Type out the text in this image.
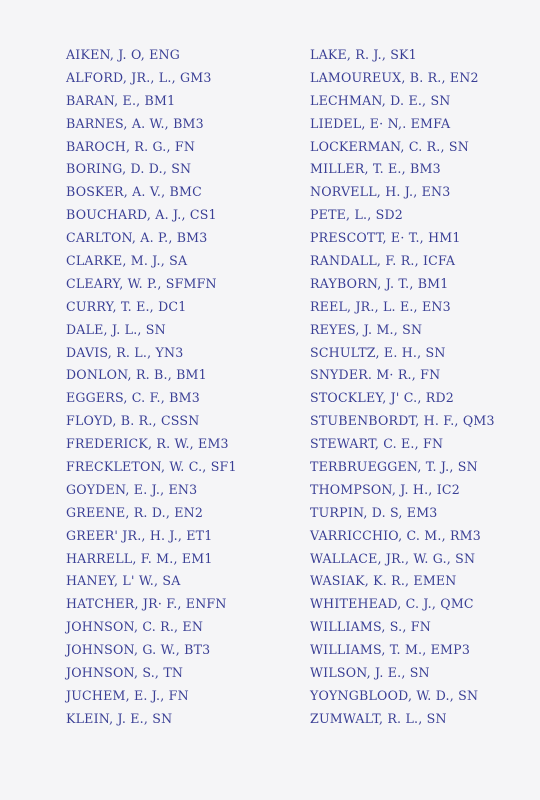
AIKEN, J. O, ENG
ALFORD, JR., L., GM3
BARAN, E., BM1
BARNES, A. W., BM3
BAROCH, R. G., FN
BORING, D. D., SN
BOSKER, A. V., BMC
BOUCHARD, A. J., CS1
CARLTON, A. P., BM3
CLARKE, M. J., SA
CLEARY, W. P., SFMFN
CURRY, T. E., DC1
DALE, J. L., SN
DAVIS, R. L., YN3
DONLON, R. B., BM1
EGGERS, C. F., BM3
FLOYD, B. R., CSSN
FREDERICK, R. W., EM3
FRECKLETON, W. C., SF1
GOYDEN, E. J., EN3
GREENE, R. D., EN2
GREER' JR., H. J., ET1
HARRELL, F. M., EM1
HANEY, L' W., SA
HATCHER, JR· F., ENFN
JOHNSON, C. R., EN
JOHNSON, G. W., BT3
JOHNSON, S., TN
JUCHEM, E. J., FN
KLEIN, J. E., SN
LAKE, R. J., SK1
LAMOUREUX, B. R., EN2
LECHMAN, D. E., SN
LIEDEL, E· N,. EMFA
LOCKERMAN, C. R., SN
MILLER, T. E., BM3
NORVELL, H. J., EN3
PETE, L., SD2
PRESCOTT, E· T., HM1
RANDALL, F. R., ICFA
RAYBORN, J. T., BM1
REEL, JR., L. E., EN3
REYES, J. M., SN
SCHULTZ, E. H., SN
SNYDER. M· R., FN
STOCKLEY, J' C., RD2
STUBENBORDT, H. F., QM3
STEWART, C. E., FN
TERBRUEGGEN, T. J., SN
THOMPSON, J. H., IC2
TURPIN, D. S, EM3
VARRICCHIO, C. M., RM3
WALLACE, JR., W. G., SN
WASIAK, K. R., EMEN
WHITEHEAD, C. J., QMC
WILLIAMS, S., FN
WILLIAMS, T. M., EMP3
WILSON, J. E., SN
YOYNGBLOOD, W. D., SN
ZUMWALT, R. L., SN
